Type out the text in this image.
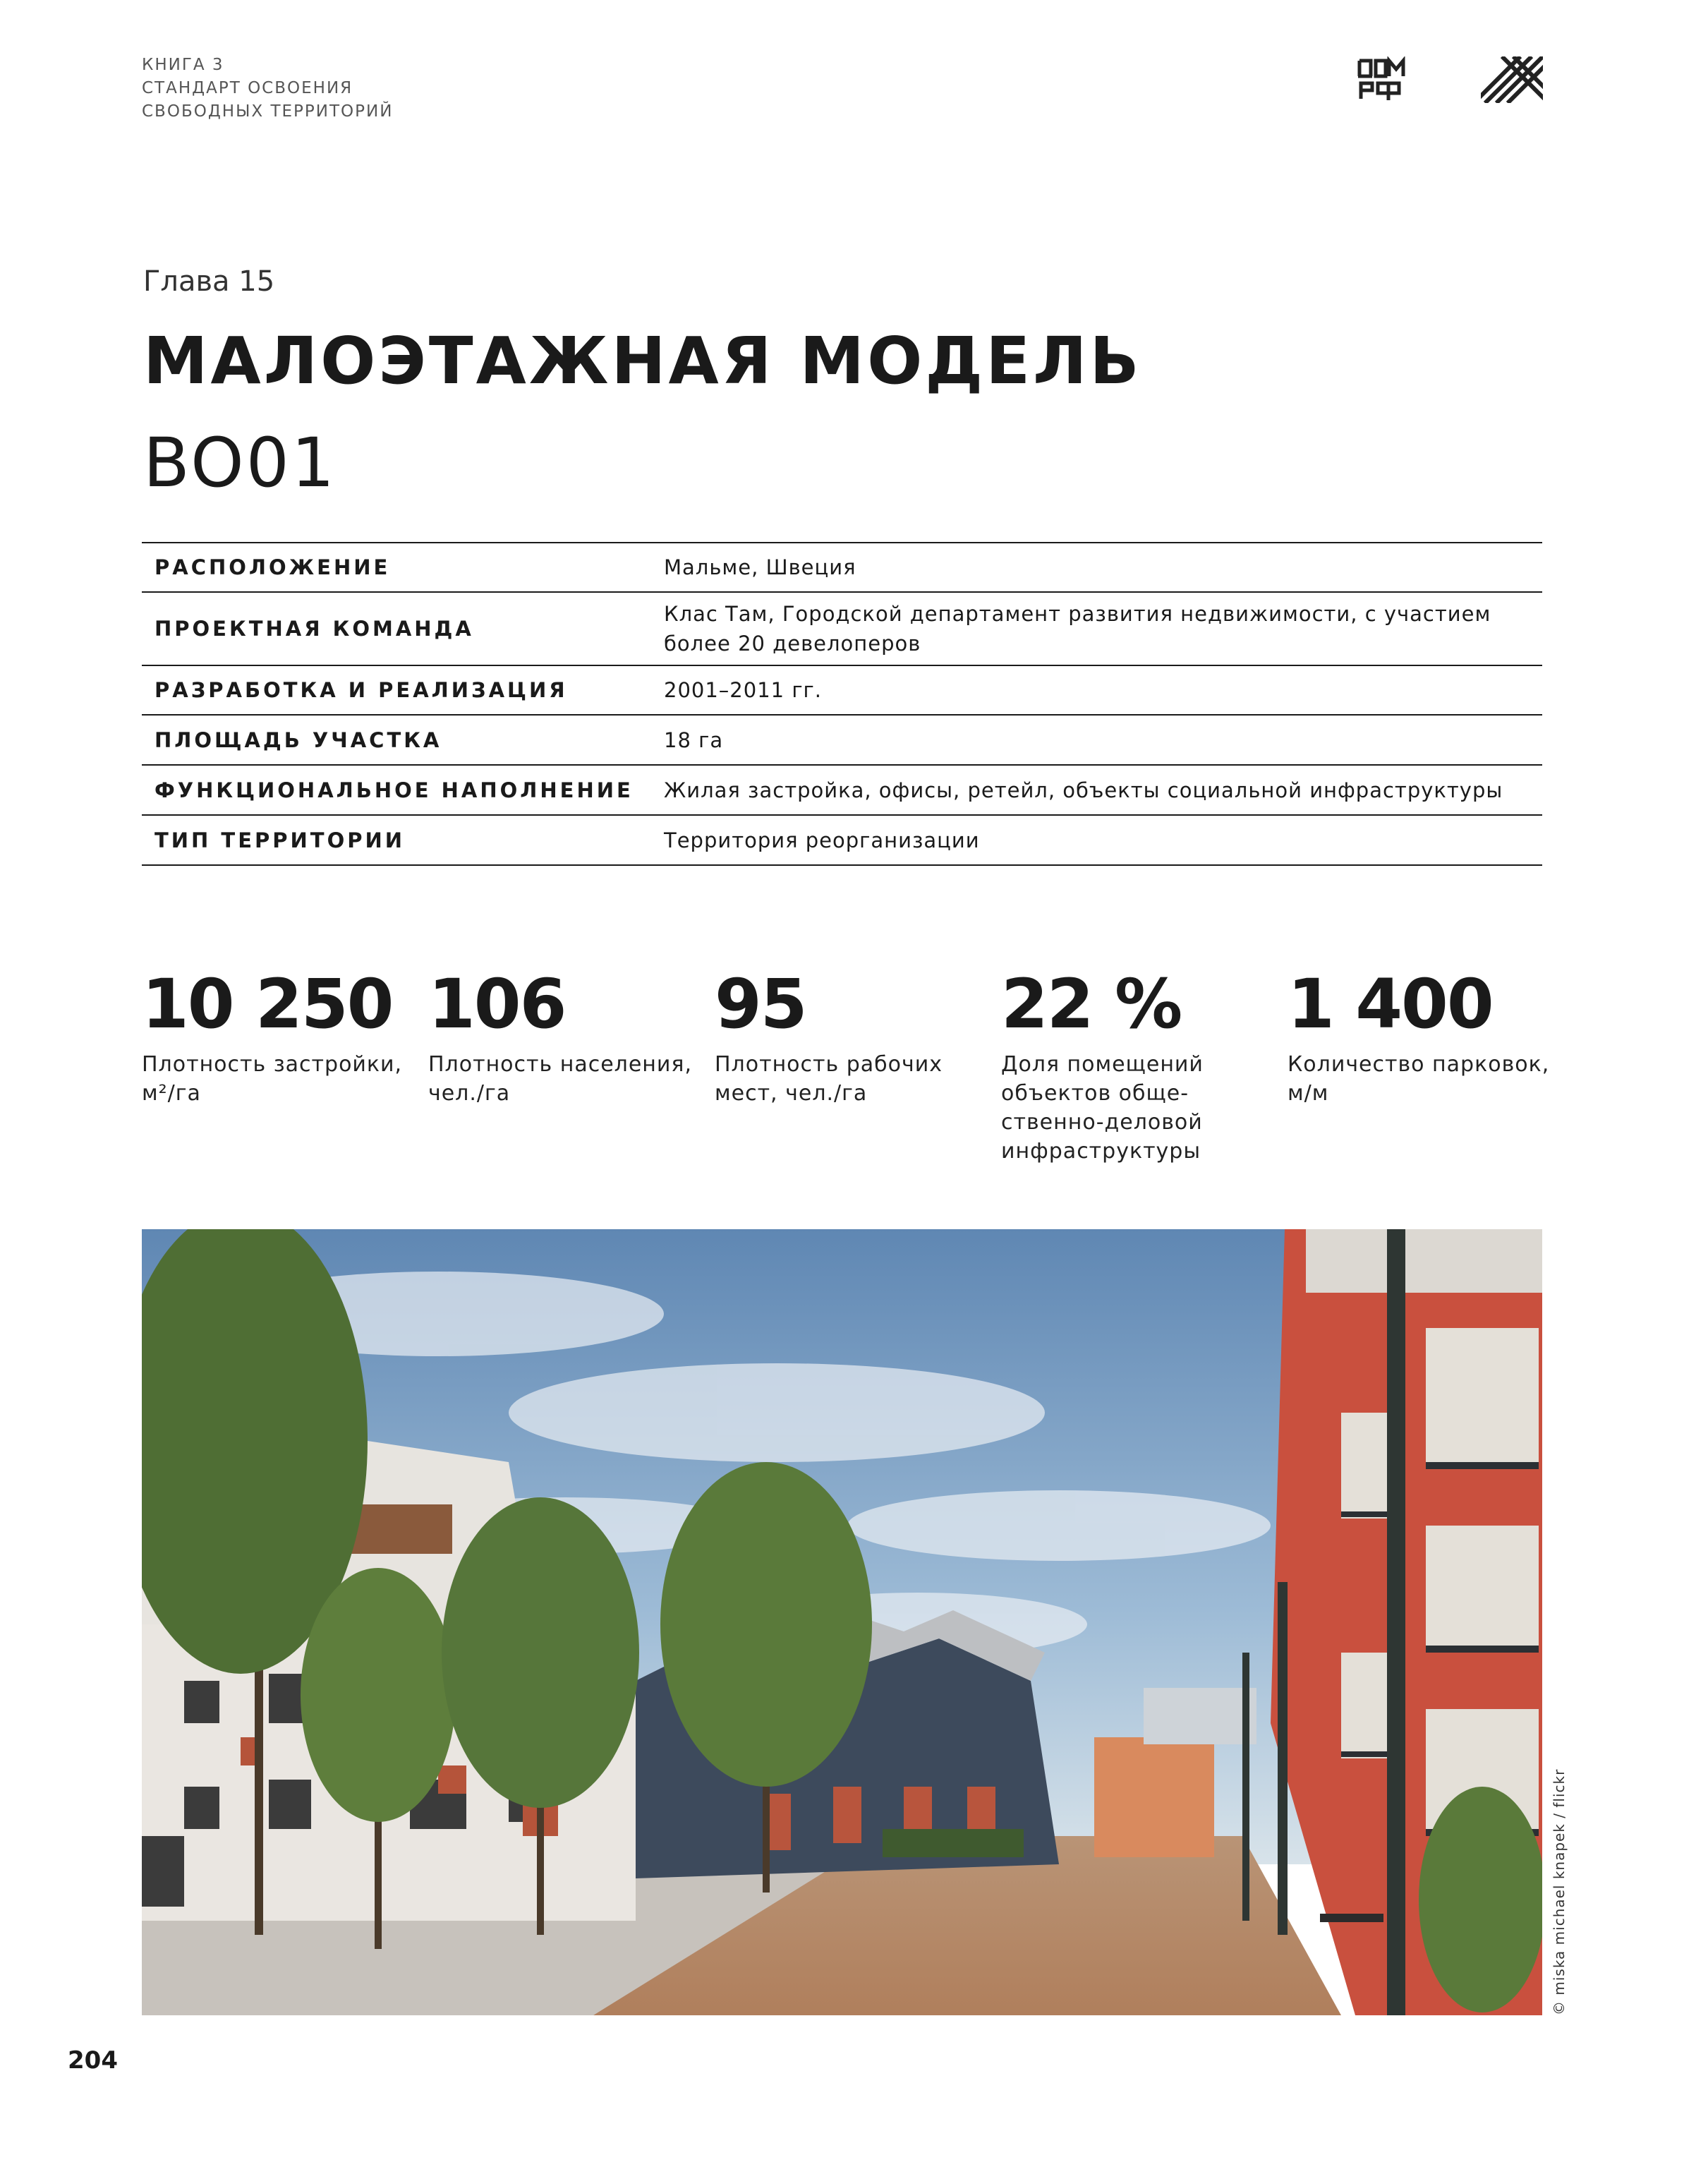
КНИГА 3
СТАНДАРТ ОСВОЕНИЯ
СВОБОДНЫХ ТЕРРИТОРИЙ
Глава 15
МАЛОЭТАЖНАЯ МОДЕЛЬ
BO01
РАСПОЛОЖЕНИЕ	Мальме, Швеция
ПРОЕКТНАЯ КОМАНДА	Клас Там, Городской департамент развития недвижимости, с участием более 20 девелоперов
РАЗРАБОТКА И РЕАЛИЗАЦИЯ	2001–2011 гг.
ПЛОЩАДЬ УЧАСТКА	18 га
ФУНКЦИОНАЛЬНОЕ НАПОЛНЕНИЕ	Жилая застройка, офисы, ретейл, объекты социальной инфраструктуры
ТИП ТЕРРИТОРИИ	Территория реорганизации
10 250
Плотность застройки, м²/га
106
Плотность населения, чел./га
95
Плотность рабочих мест, чел./га
22 %
Доля помещений объектов обще-ственно-деловой инфраструктуры
1 400
Количество парковок, м/м
© miska michael knapek / flickr
204
